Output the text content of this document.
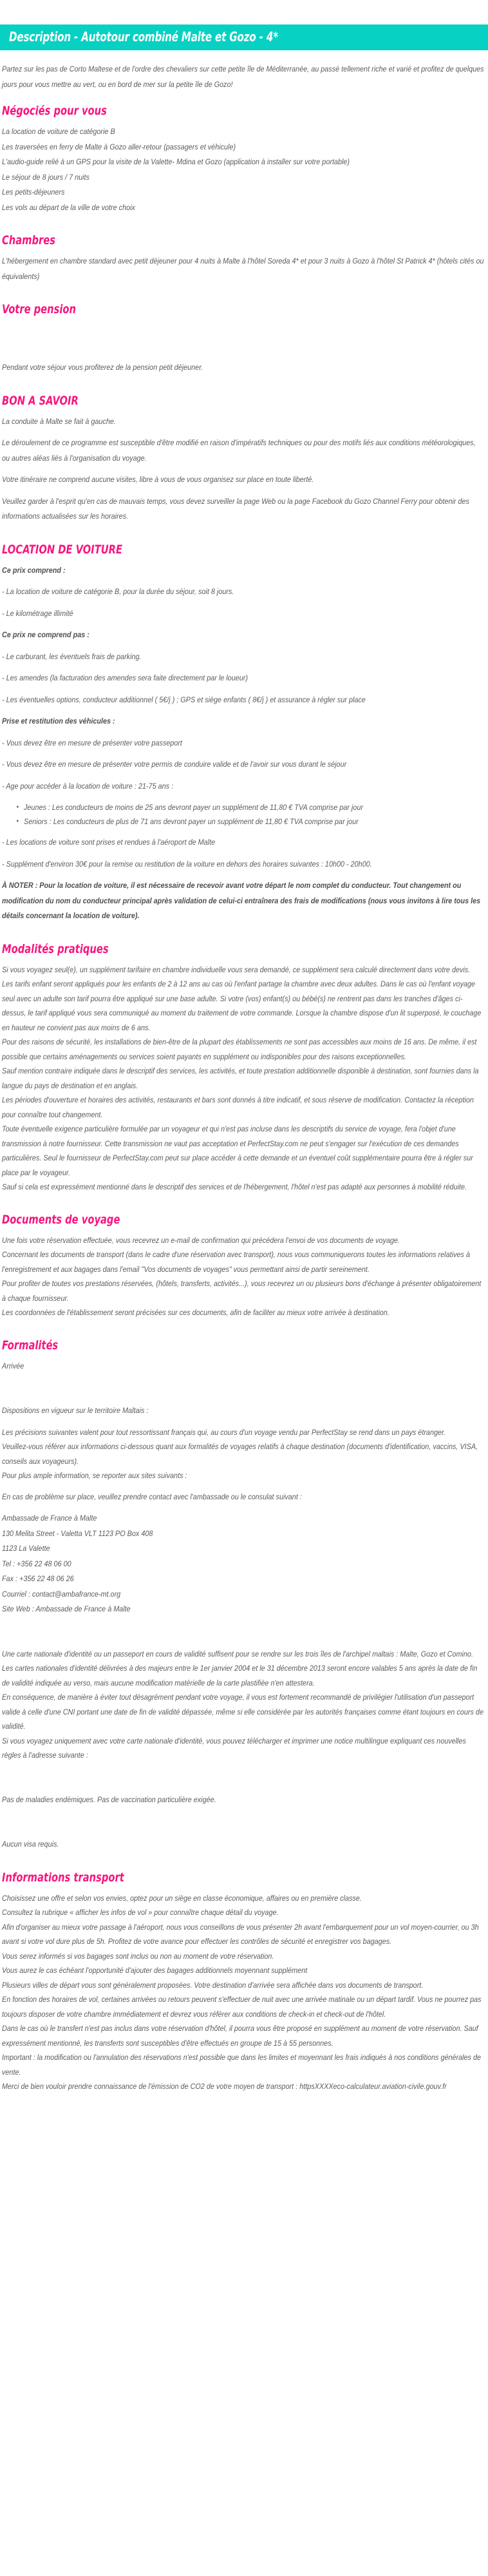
Description - Autotour combiné Malte et Gozo - 4*

Partez sur les pas de Corto Maltese et de l'ordre des chevaliers sur cette petite île de Méditerranée, au passé tellement riche et varié et profitez de quelques jours pour vous mettre au vert, ou en bord de mer sur la petite île de Gozo!

Négociés pour vous

La location de voiture de catégorie B

Les traversées en ferry de Malte à Gozo aller-retour (passagers et véhicule)

L'audio-guide relié à un GPS pour la visite de la Valette- Mdina et Gozo (application à installer sur votre portable)

Le séjour de 8 jours / 7 nuits

Les petits-déjeuners

Les vols au départ de la ville de votre choix

Chambres

L'hébergement en chambre standard avec petit déjeuner pour 4 nuits à Malte à l'hôtel Soreda 4* et pour 3 nuits à Gozo à l'hôtel St Patrick 4* (hôtels cités ou équivalents)

Votre pension

Pendant votre séjour vous profiterez de la pension petit déjeuner.

BON A SAVOIR

La conduite à Malte se fait à gauche.

Le déroulement de ce programme est susceptible d'être modifié en raison d'impératifs techniques ou pour des motifs liés aux conditions météorologiques, ou autres aléas liés à l'organisation du voyage.

Votre itinéraire ne comprend aucune visites, libre à vous de vous organisez sur place en toute liberté.

Veuillez garder à l'esprit qu'en cas de mauvais temps, vous devez surveiller la page Web ou la page Facebook du Gozo Channel Ferry pour obtenir des informations actualisées sur les horaires.

LOCATION DE VOITURE

Ce prix comprend :

- La location de voiture de catégorie B, pour la durée du séjour, soit 8 jours.

- Le kilométrage illimité

Ce prix ne comprend pas :

- Le carburant, les éventuels frais de parking.

- Les amendes (la facturation des amendes sera faite directement par le loueur)

- Les éventuelles options, conducteur additionnel ( 5€/j ) ; GPS et siège enfants ( 8€/j ) et assurance à régler sur place

Prise et restitution des véhicules :

- Vous devez être en mesure de présenter votre passeport

- Vous devez être en mesure de présenter votre permis de conduire valide et de l'avoir sur vous durant le séjour

- Age pour accéder à la location de voiture : 21-75 ans :

● Jeunes : Les conducteurs de moins de 25 ans devront payer un supplément de 11,80 € TVA comprise par jour
● Seniors : Les conducteurs de plus de 71 ans devront payer un supplément de 11,80 € TVA comprise par jour

- Les locations de voiture sont prises et rendues à l'aéroport de Malte

- Supplément d'environ 30€ pour la remise ou restitution de la voiture en dehors des horaires suivantes : 10h00 - 20h00.

À NOTER : Pour la location de voiture, il est nécessaire de recevoir avant votre départ le nom complet du conducteur. Tout changement ou modification du nom du conducteur principal après validation de celui-ci entraînera des frais de modifications (nous vous invitons à lire tous les détails concernant la location de voiture).

Modalités pratiques

Si vous voyagez seul(e), un supplément tarifaire en chambre individuelle vous sera demandé, ce supplément sera calculé directement dans votre devis.

Les tarifs enfant seront appliqués pour les enfants de 2 à 12 ans au cas où l'enfant partage la chambre avec deux adultes. Dans le cas où l'enfant voyage seul avec un adulte son tarif pourra être appliqué sur une base adulte. Si votre (vos) enfant(s) ou bébé(s) ne rentrent pas dans les tranches d'âges ci-dessus, le tarif appliqué vous sera communiqué au moment du traitement de votre commande. Lorsque la chambre dispose d'un lit superposé, le couchage en hauteur ne convient pas aux moins de 6 ans.

Pour des raisons de sécurité, les installations de bien-être de la plupart des établissements ne sont pas accessibles aux moins de 16 ans. De même, il est possible que certains aménagements ou services soient payants en supplément ou indisponibles pour des raisons exceptionnelles.

Sauf mention contraire indiquée dans le descriptif des services, les activités, et toute prestation additionnelle disponible à destination, sont fournies dans la langue du pays de destination et en anglais.

Les périodes d'ouverture et horaires des activités, restaurants et bars sont donnés à titre indicatif, et sous réserve de modification. Contactez la réception pour connaître tout changement.

Toute éventuelle exigence particulière formulée par un voyageur et qui n'est pas incluse dans les descriptifs du service de voyage, fera l'objet d'une transmission à notre fournisseur. Cette transmission ne vaut pas acceptation et PerfectStay.com ne peut s'engager sur l'exécution de ces demandes particulières. Seul le fournisseur de PerfectStay.com peut sur place accéder à cette demande et un éventuel coût supplémentaire pourra être à régler sur place par le voyageur.

Sauf si cela est expressément mentionné dans le descriptif des services et de l'hébergement, l'hôtel n'est pas adapté aux personnes à mobilité réduite.

Documents de voyage

Une fois votre réservation effectuée, vous recevrez un e-mail de confirmation qui précédera l'envoi de vos documents de voyage.

Concernant les documents de transport (dans le cadre d'une réservation avec transport), nous vous communiquerons toutes les informations relatives à l'enregistrement et aux bagages dans l'email "Vos documents de voyages" vous permettant ainsi de partir sereinement.

Pour profiter de toutes vos prestations réservées, (hôtels, transferts, activités...), vous recevrez un ou plusieurs bons d'échange à présenter obligatoirement à chaque fournisseur.

Les coordonnées de l'établissement seront précisées sur ces documents, afin de faciliter au mieux votre arrivée à destination.

Formalités

Arrivée

Dispositions en vigueur sur le territoire Maltais :

Les précisions suivantes valent pour tout ressortissant français qui, au cours d'un voyage vendu par PerfectStay se rend dans un pays étranger.

Veuillez-vous référer aux informations ci-dessous quant aux formalités de voyages relatifs à chaque destination (documents d'identification, vaccins, VISA, conseils aux voyageurs).

Pour plus ample information, se reporter aux sites suivants :

En cas de problème sur place, veuillez prendre contact avec l'ambassade ou le consulat suivant :

Ambassade de France à Malte

130 Melita Street - Valetta VLT 1123 PO Box 408

1123 La Valette

Tel : +356 22 48 06 00

Fax : +356 22 48 06 26

Courriel : contact@ambafrance-mt.org

Site Web : Ambassade de France à Malte

Une carte nationale d'identité ou un passeport en cours de validité suffisent pour se rendre sur les trois îles de l'archipel maltais : Malte, Gozo et Comino.

Les cartes nationales d'identité délivrées à des majeurs entre le 1er janvier 2004 et le 31 décembre 2013 seront encore valables 5 ans après la date de fin de validité indiquée au verso, mais aucune modification matérielle de la carte plastifiée n'en attestera.

En conséquence, de manière à éviter tout désagrément pendant votre voyage, il vous est fortement recommandé de privilégier l'utilisation d'un passeport valide à celle d'une CNI portant une date de fin de validité dépassée, même si elle considérée par les autorités françaises comme étant toujours en cours de validité.

Si vous voyagez uniquement avec votre carte nationale d'identité, vous pouvez télécharger et imprimer une notice multilingue expliquant ces nouvelles règles à l'adresse suivante :

Pas de maladies endémiques. Pas de vaccination particulière exigée.

Aucun visa requis.

Informations transport

Choisissez une offre et selon vos envies, optez pour un siège en classe économique, affaires ou en première classe.

Consultez la rubrique « afficher les infos de vol » pour connaître chaque détail du voyage.

Afin d'organiser au mieux votre passage à l'aéroport, nous vous conseillons de vous présenter 2h avant l'embarquement pour un vol moyen-courrier, ou 3h avant si votre vol dure plus de 5h. Profitez de votre avance pour effectuer les contrôles de sécurité et enregistrer vos bagages.

Vous serez informés si vos bagages sont inclus ou non au moment de votre réservation.

Vous aurez le cas échéant l'opportunité d'ajouter des bagages additionnels moyennant supplément

Plusieurs villes de départ vous sont généralement proposées. Votre destination d'arrivée sera affichée dans vos documents de transport.

En fonction des horaires de vol, certaines arrivées ou retours peuvent s'effectuer de nuit avec une arrivée matinale ou un départ tardif. Vous ne pourrez pas toujours disposer de votre chambre immédiatement et devrez vous référer aux conditions de check-in et check-out de l'hôtel.

Dans le cas où le transfert n'est pas inclus dans votre réservation d'hôtel, il pourra vous être proposé en supplément au moment de votre réservation. Sauf expressément mentionné, les transferts sont susceptibles d'être effectués en groupe de 15 à 55 personnes.

Important : la modification ou l'annulation des réservations n'est possible que dans les limites et moyennant les frais indiqués à nos conditions générales de vente.

Merci de bien vouloir prendre connaissance de l'émission de CO2 de votre moyen de transport : httpsXXXXeco-calculateur.aviation-civile.gouv.fr
